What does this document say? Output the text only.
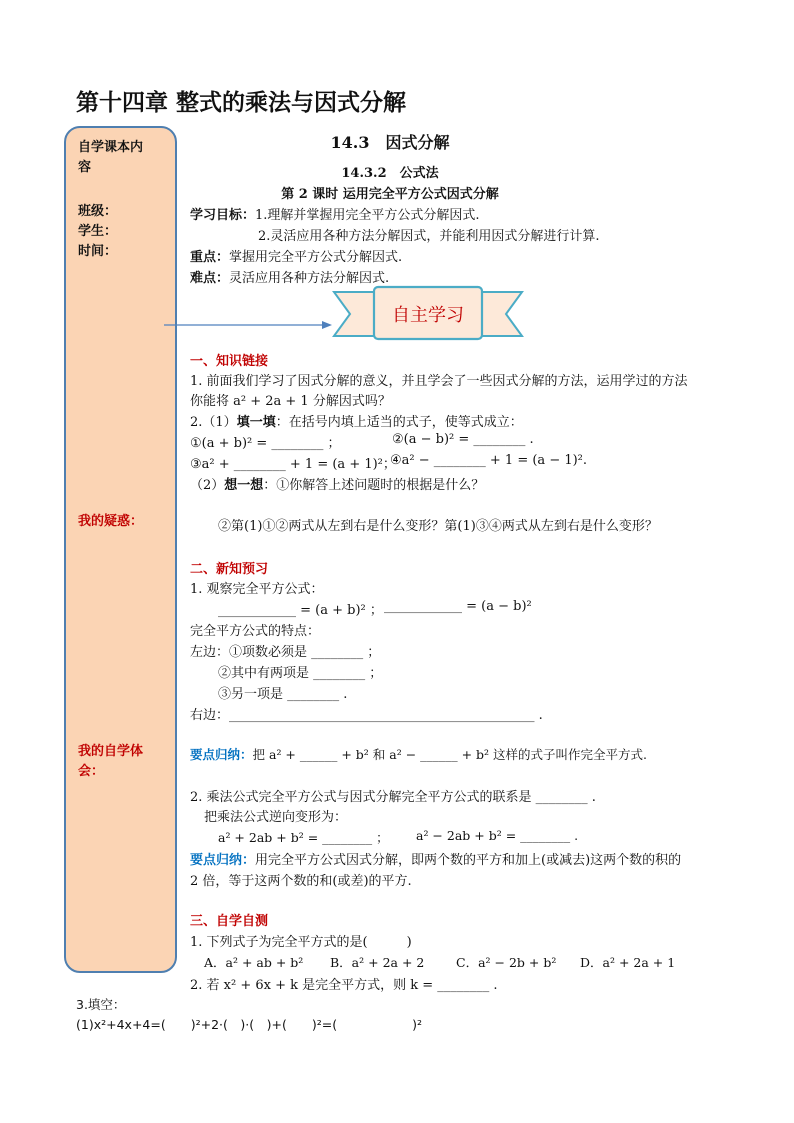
第十四章 整式的乘法与因式分解
自学课本内
容
班级：
学生：
时间：
我的疑惑：
我的自学体
会：
14.3　因式分解
14.3.2　公式法
第 2 课时 运用完全平方公式因式分解
学习目标：1.理解并掌握用完全平方公式分解因式.
2.灵活应用各种方法分解因式，并能利用因式分解进行计算.
重点：掌握用完全平方公式分解因式.
难点：灵活应用各种方法分解因式.
自主学习
一、知识链接
1. 前面我们学习了因式分解的意义，并且学会了一些因式分解的方法，运用学过的方法
你能将 a² + 2a + 1 分解因式吗？
2.（1）填一填：在括号内填上适当的式子，使等式成立：
①(a + b)² = ________ ；	②(a − b)² = ________ .
③a² + ________ + 1 = (a + 1)²；
④a² − ________ + 1 = (a − 1)².
（2）想一想：①你解答上述问题时的根据是什么？
②第(1)①②两式从左到右是什么变形？第(1)③④两式从左到右是什么变形？
二、新知预习
1. 观察完全平方公式：
____________ = (a + b)² ； ____________ = (a − b)²
完全平方公式的特点：
左边：①项数必须是 ________ ；
②其中有两项是 ________ ；
③另一项是 ________ .
右边：_______________________________________________ .
要点归纳：把 a² + ______ + b² 和 a² − ______ + b² 这样的式子叫作完全平方式.
2. 乘法公式完全平方公式与因式分解完全平方公式的联系是 ________ .
把乘法公式逆向变形为：
a² + 2ab + b² = ________ ； a² − 2ab + b² = ________ .
要点归纳：用完全平方公式因式分解，即两个数的平方和加上(或减去)这两个数的积的
2 倍，等于这两个数的和(或差)的平方.
三、自学自测
1. 下列式子为完全平方式的是(　　　)
A．a² + ab + b² B．a² + 2a + 2	C．a² − 2b + b² D．a² + 2a + 1
2. 若 x² + 6x + k 是完全平方式，则 k = ________ .
3.填空：
(1)x²+4x+4=(　　)²+2·(　)·(　)+(　　)²=(　　　　　　)²
